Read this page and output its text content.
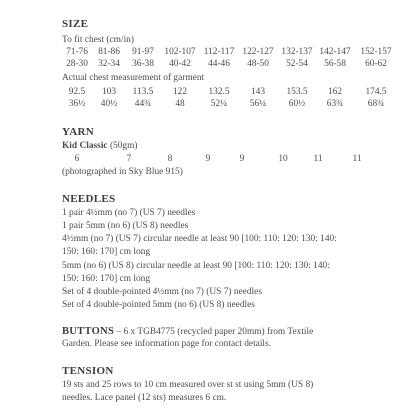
SIZE
To fit chest (cm/in)
71-76 81-86 91-97 102-107 112-117 122-127 132-137 142-147 152-157
28-30 32-34 36-38 40-42 44-46 48-50 52-54 56-58 60-62
Actual chest measurement of garment
92.5 103 113.5 122 132.5 143 153.5 162 174.5
36½ 40½ 44¾	48	52¼ 56¼ 60½ 63¾	68¾
YARN
Kid Classic (50gm)
6	7	8	9	9	10	11	11
(photographed in Sky Blue 915)
NEEDLES
1 pair 4½mm (no 7) (US 7) needles
1 pair 5mm (no 6) (US 8) needles
4½mm (no 7) (US 7) circular needle at least 90 [100: 110: 120: 130: 140:
150: 160: 170] cm long
5mm (no 6) (US 8) circular needle at least 90 [100: 110: 120: 130: 140:
150: 160: 170] cm long
Set of 4 double-pointed 4½mm (no 7) (US 7) needles
Set of 4 double-pointed 5mm (no 6) (US 8) needles
BUTTONS – 6 x TGB4775 (recycled paper 20mm) from Textile
Garden. Please see information page for contact details.
TENSION
19 sts and 25 rows to 10 cm measured over st st using 5mm (US 8)
needles. Lace panel (12 sts) measures 6 cm.
